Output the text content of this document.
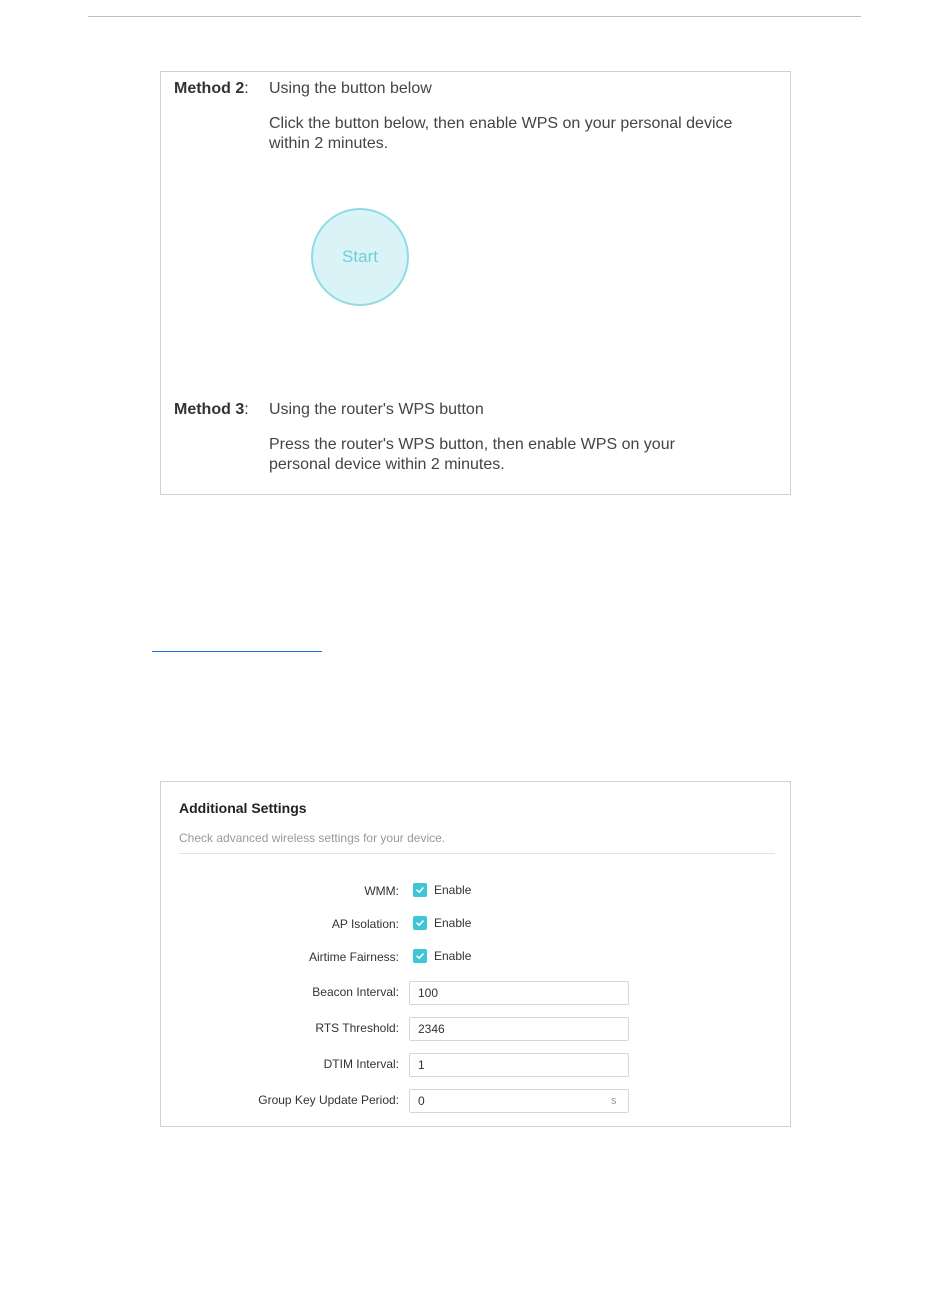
Method 2:	Using the button below
Click the button below, then enable WPS on your personal device
within 2 minutes.
Start
Method 3:	Using the router's WPS button
Press the router's WPS button, then enable WPS on your
personal device within 2 minutes.
Additional Settings
Check advanced wireless settings for your device.
WMM:	Enable
AP Isolation:	Enable
Airtime Fairness:	Enable
Beacon Interval:
100
RTS Threshold:
2346
DTIM Interval:
1
Group Key Update Period:
0	s
